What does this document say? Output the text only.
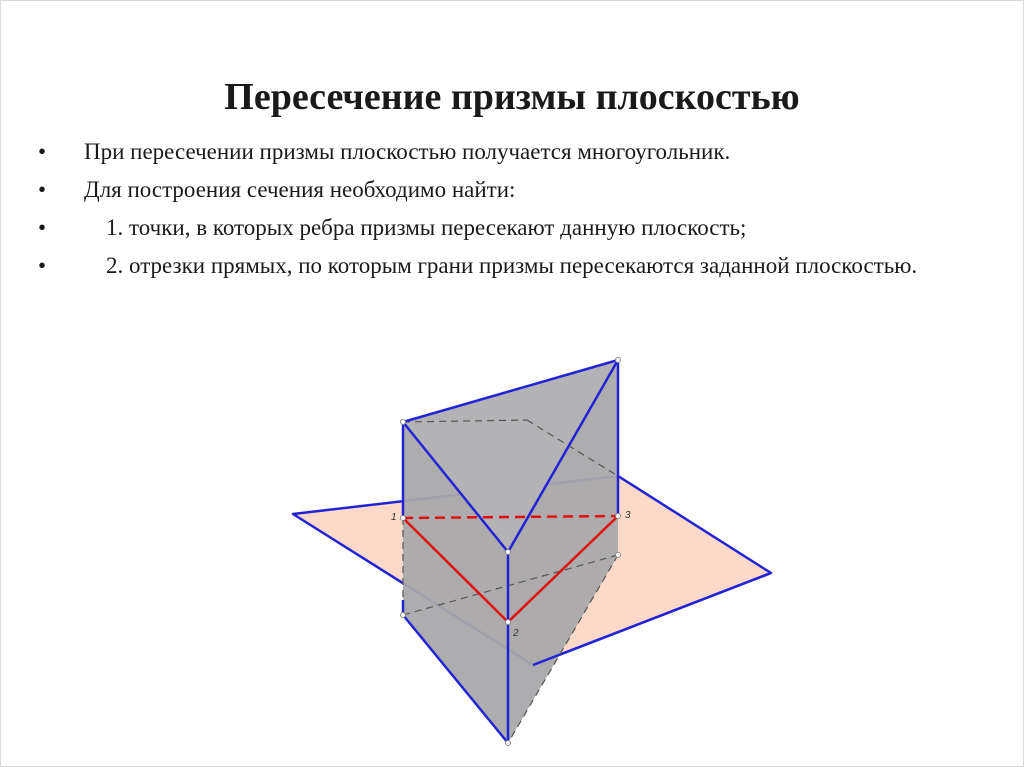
Пересечение призмы плоскостью
• При пересечении призмы плоскостью получается многоугольник.
• Для построения сечения необходимо найти:
•	1. точки, в которых ребра призмы пересекают данную плоскость;
•	2. отрезки прямых, по которым грани призмы пересекаются заданной плоскостью.
1
2
3
